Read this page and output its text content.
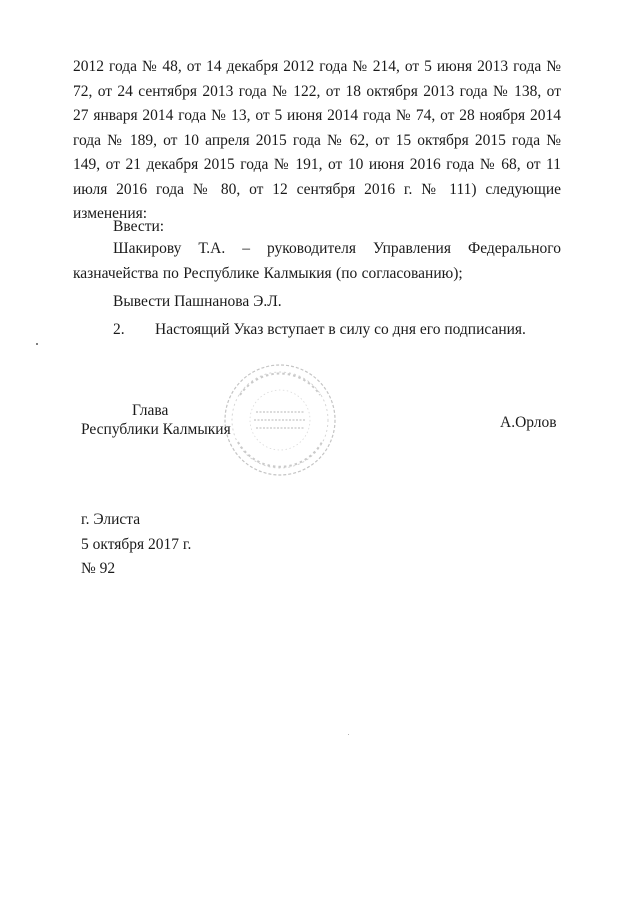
2012 года № 48, от 14 декабря 2012 года № 214, от 5 июня 2013 года № 72, от 24 сентября 2013 года № 122, от 18 октября 2013 года № 138, от 27 января 2014 года № 13, от 5 июня 2014 года № 74, от 28 ноября 2014 года № 189, от 10 апреля 2015 года № 62, от 15 октября 2015 года № 149, от 21 декабря 2015 года № 191, от 10 июня 2016 года № 68, от 11 июля 2016 года № 80, от 12 сентября 2016 г. № 111) следующие изменения:
Ввести:
Шакирову Т.А. – руководителя Управления Федерального казначейства по Республике Калмыкия (по согласованию);
Вывести Пашнанова Э.Л.
2. Настоящий Указ вступает в силу со дня его подписания.
Глава
Республики Калмыкия	А.Орлов
г. Элиста
5 октября 2017 г.
№ 92
